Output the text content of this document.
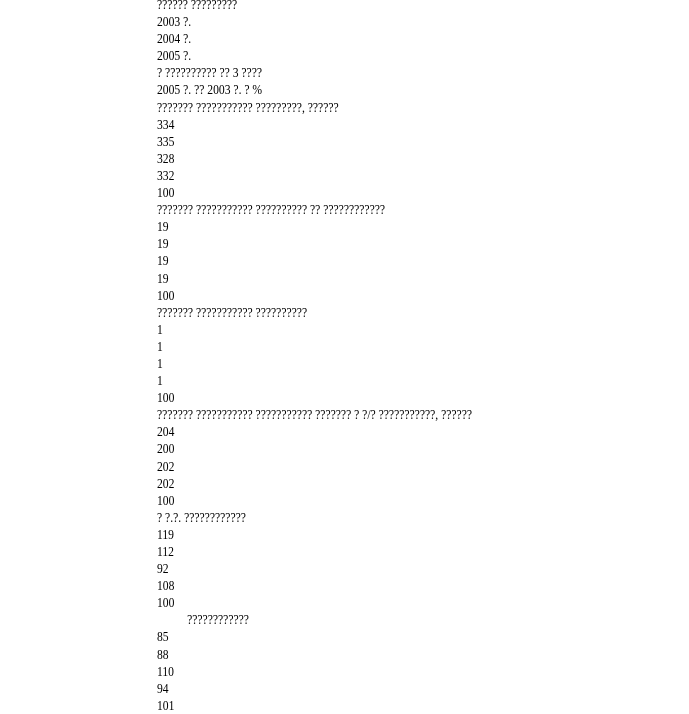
?????? ?????????
2003 ?.
2004 ?.
2005 ?.
? ?????????? ?? 3 ????
2005 ?. ?? 2003 ?. ? %
??????? ??????????? ?????????, ??????
334
335
328
332
100
??????? ??????????? ?????????? ?? ????????????
19
19
19
19
100
??????? ??????????? ??????????
1
1
1
1
100
??????? ??????????? ??????????? ??????? ? ?/? ???????????, ??????
204
200
202
202
100
? ?.?. ????????????
119
112
92
108
100
????????????
85
88
110
94
101
